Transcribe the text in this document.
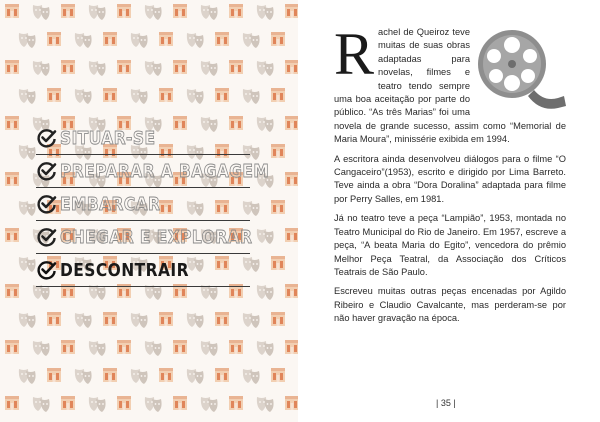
SITUAR-SE
PREPARAR A BAGAGEM
EMBARCAR
CHEGAR E EXPLORAR
DESCONTRAIR
R achel de Queiroz teve muitas de suas obras adaptadas para novelas, filmes e teatro tendo sempre uma boa aceitação por parte do público. “As três Marias” foi uma novela de grande sucesso, assim como “Memorial de Maria Moura”, minissérie exibida em 1994.

A escritora ainda desenvolveu diálogos para o filme “O Cangaceiro”(1953), escrito e dirigido por Lima Barreto. Teve ainda a obra “Dora Doralina” adaptada para filme por Perry Salles, em 1981.

Já no teatro teve a peça “Lampião”, 1953, montada no Teatro Municipal do Rio de Janeiro. Em 1957, escreve a peça, “A beata Maria do Egito”, vencedora do prêmio Melhor Peça Teatral, da Associação dos Críticos Teatrais de São Paulo.

Escreveu muitas outras peças encenadas por Agildo Ribeiro e Claudio Cavalcante, mas perderam-se por não haver gravação na época.

| 35 |
